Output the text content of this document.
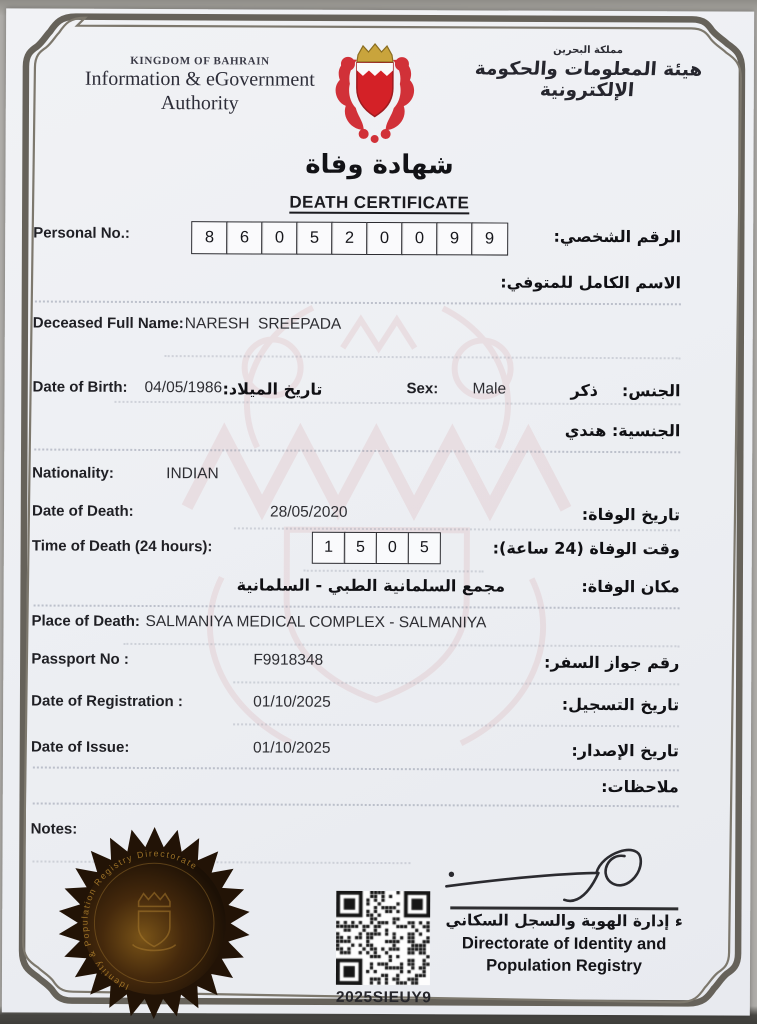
KINGDOM OF BAHRAIN
Information & eGovernment
Authority
مملكة البحرين
هيئة المعلومات والحكومة الإلكترونية
شهادة وفاة
DEATH CERTIFICATE
Personal No.:	8	6	0	5	2	0	0	9	9	الرقم الشخصي:
الاسم الكامل للمتوفي:
Deceased Full Name: NARESH  SREEPADA
Date of Birth: 04/05/1986 تاريخ الميلاد:	Sex: Male	ذكر الجنس:
الجنسية: هندي
Nationality:	INDIAN
Date of Death:	28/05/2020	تاريخ الوفاة:
Time of Death (24 hours):	1	5	0	5	وقت الوفاة (24 ساعة):
مجمع السلمانية الطبي - السلمانية	مكان الوفاة:
Place of Death: SALMANIYA MEDICAL COMPLEX - SALMANIYA
Passport No :	F9918348	رقم جواز السفر:
Date of Registration :	01/10/2025	تاريخ التسجيل:
Date of Issue:	01/10/2025	تاريخ الإصدار:
ملاحظات:
Notes:
Identity & Population Registry Directorate
2025SIEUY9
ء إدارة الهوية والسجل السكاني
Directorate of Identity and
Population Registry
